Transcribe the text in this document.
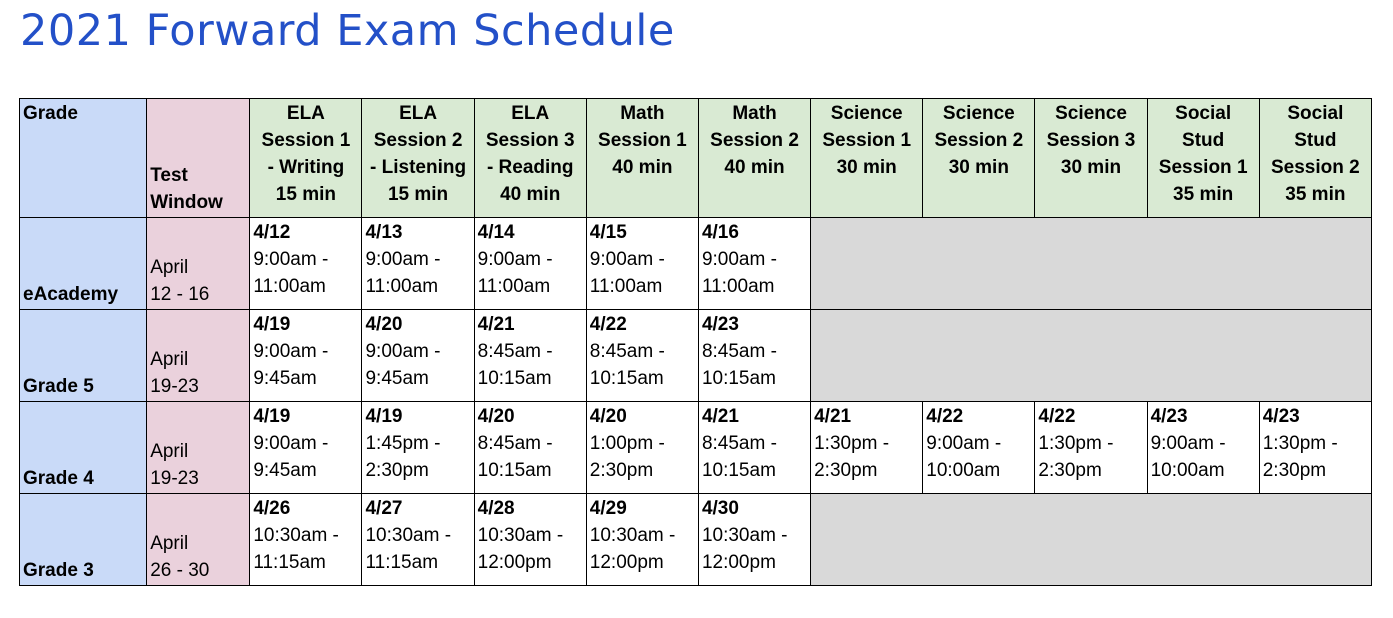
2021 Forward Exam Schedule
Grade	Test
Window	ELA
Session 1
- Writing
15 min	ELA
Session 2
- Listening
15 min	ELA
Session 3
- Reading
40 min	Math
Session 1
40 min	Math
Session 2
40 min	Science
Session 1
30 min	Science
Session 2
30 min	Science
Session 3
30 min	Social
Stud
Session 1
35 min	Social
Stud
Session 2
35 min

eAcademy	April
12 - 16	4/12
9:00am -
11:00am	4/13
9:00am -
11:00am	4/14
9:00am -
11:00am	4/15
9:00am -
11:00am	4/16
9:00am -
11:00am					

Grade 5	April
19-23	4/19
9:00am -
9:45am	4/20
9:00am -
9:45am	4/21
8:45am -
10:15am	4/22
8:45am -
10:15am	4/23
8:45am -
10:15am					

Grade 4	April
19-23	4/19
9:00am -
9:45am	4/19
1:45pm -
2:30pm	4/20
8:45am -
10:15am	4/20
1:00pm -
2:30pm	4/21
8:45am -
10:15am	4/21
1:30pm -
2:30pm	4/22
9:00am -
10:00am	4/22
1:30pm -
2:30pm	4/23
9:00am -
10:00am	4/23
1:30pm -
2:30pm

Grade 3	April
26 - 30	4/26
10:30am -
11:15am	4/27
10:30am -
11:15am	4/28
10:30am -
12:00pm	4/29
10:30am -
12:00pm	4/30
10:30am -
12:00pm					
